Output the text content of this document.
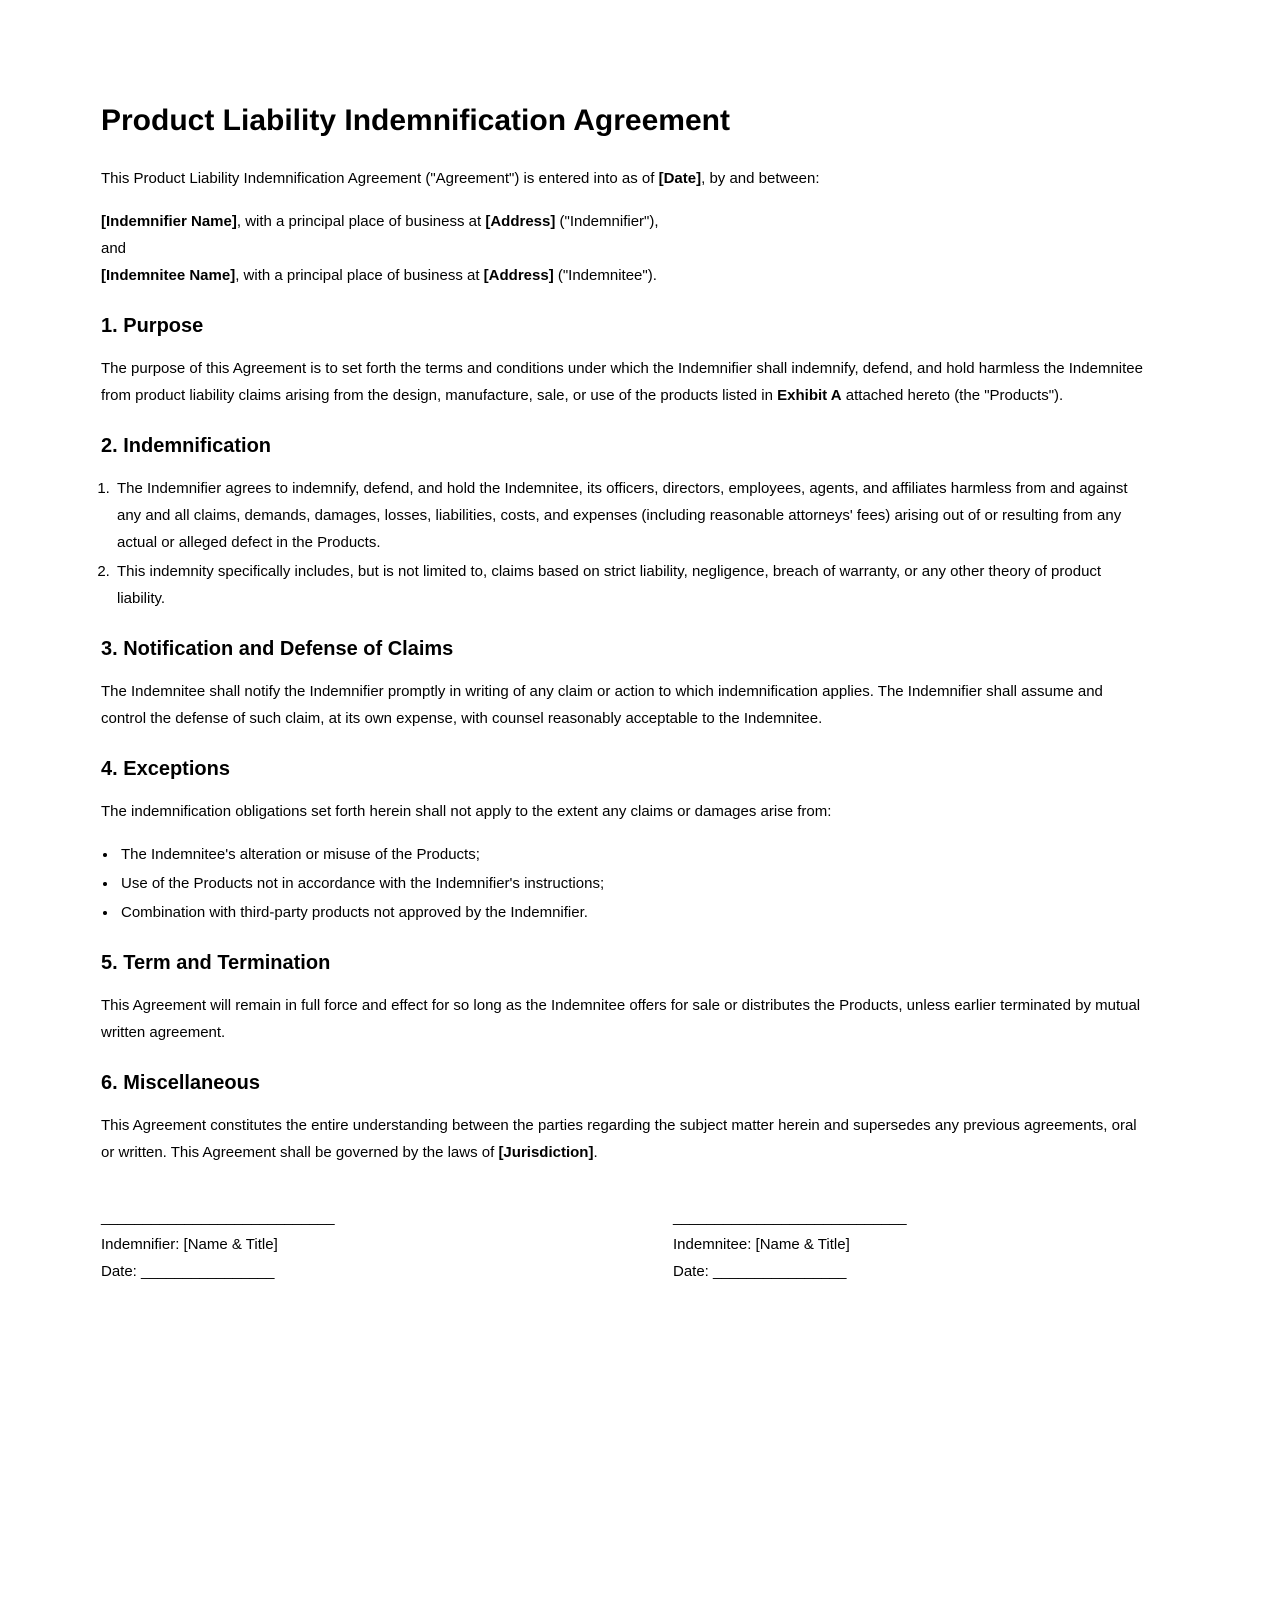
Product Liability Indemnification Agreement

This Product Liability Indemnification Agreement ("Agreement") is entered into as of [Date], by and between:

[Indemnifier Name], with a principal place of business at [Address] ("Indemnifier"),
and
[Indemnitee Name], with a principal place of business at [Address] ("Indemnitee").

1. Purpose

The purpose of this Agreement is to set forth the terms and conditions under which the Indemnifier shall indemnify, defend, and hold harmless the Indemnitee from product liability claims arising from the design, manufacture, sale, or use of the products listed in Exhibit A attached hereto (the "Products").

2. Indemnification
1. The Indemnifier agrees to indemnify, defend, and hold the Indemnitee, its officers, directors, employees, agents, and affiliates harmless from and against any and all claims, demands, damages, losses, liabilities, costs, and expenses (including reasonable attorneys' fees) arising out of or resulting from any actual or alleged defect in the Products.
2. This indemnity specifically includes, but is not limited to, claims based on strict liability, negligence, breach of warranty, or any other theory of product liability.
3. Notification and Defense of Claims

The Indemnitee shall notify the Indemnifier promptly in writing of any claim or action to which indemnification applies. The Indemnifier shall assume and control the defense of such claim, at its own expense, with counsel reasonably acceptable to the Indemnitee.

4. Exceptions

The indemnification obligations set forth herein shall not apply to the extent any claims or damages arise from:

• The Indemnitee's alteration or misuse of the Products;
• Use of the Products not in accordance with the Indemnifier's instructions;
• Combination with third-party products not approved by the Indemnifier.
5. Term and Termination

This Agreement will remain in full force and effect for so long as the Indemnitee offers for sale or distributes the Products, unless earlier terminated by mutual written agreement.

6. Miscellaneous

This Agreement constitutes the entire understanding between the parties regarding the subject matter herein and supersedes any previous agreements, oral or written. This Agreement shall be governed by the laws of [Jurisdiction].

____________________________
Indemnifier: [Name & Title]
Date: ________________
____________________________
Indemnitee: [Name & Title]
Date: ________________
